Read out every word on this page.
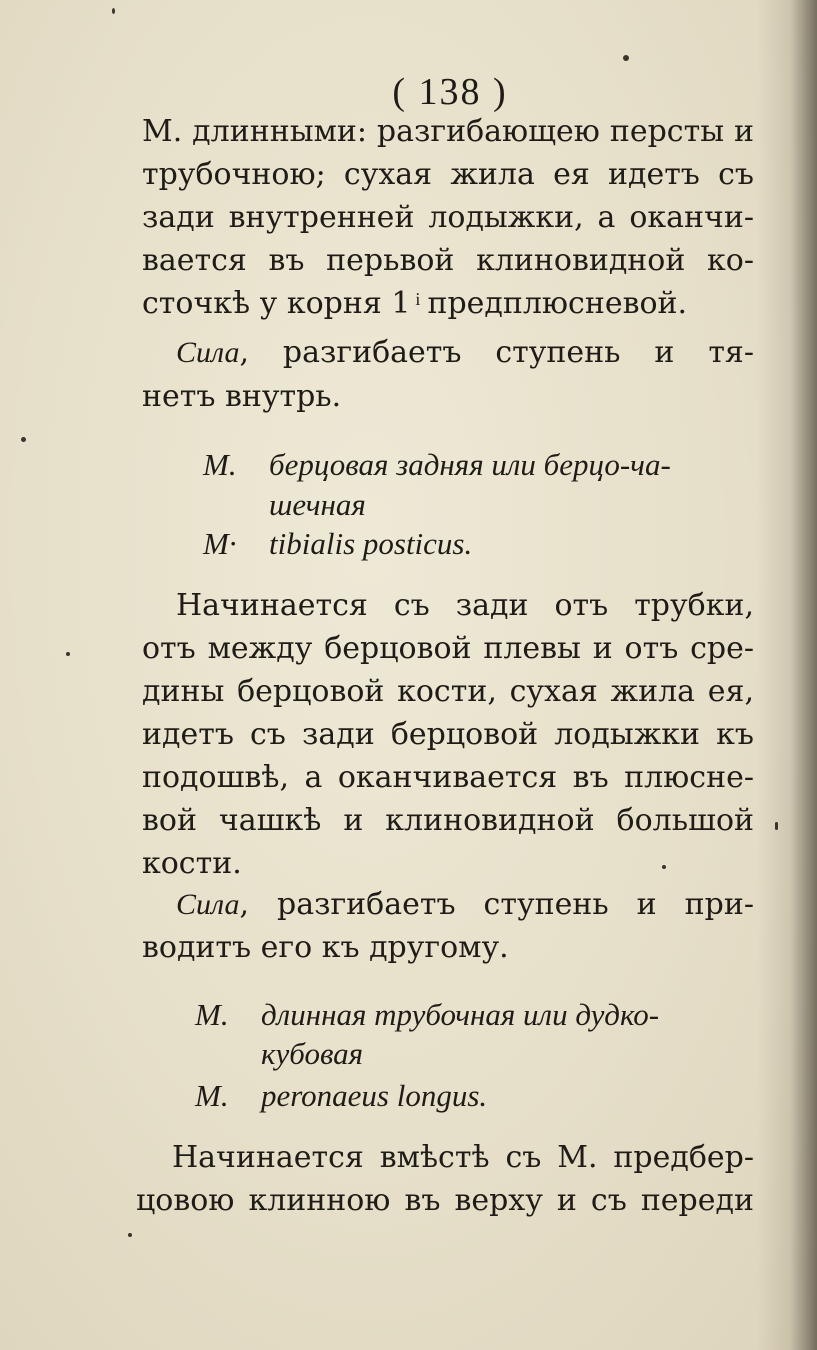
( 138 )
М. длинными: разгибающею персты и
трубочною; сухая жила ея идетъ съ
зади внутренней лодыжки, а оканчи-
вается въ перьвой клиновидной ко-
сточкѣ у корня 1 ͥ предплюсневой.
Сила, разгибаетъ ступень и тя-
нетъ внутрь.
М. берцовая задняя или берцо-ча-
шечная
М· tibialis posticus.
Начинается съ зади отъ трубки,
отъ между берцовой плевы и отъ сре-
дины берцовой кости, сухая жила ея,
идетъ съ зади берцовой лодыжки къ
подошвѣ, а оканчивается въ плюсне-
вой чашкѣ и клиновидной большой
кости.
Сила, разгибаетъ ступень и при-
водитъ его къ другому.
М. длинная трубочная или дудко-
кубовая
М. peronaeus longus.
Начинается вмѣстѣ съ М. предбер-
цовою клинною въ верху и съ переди
